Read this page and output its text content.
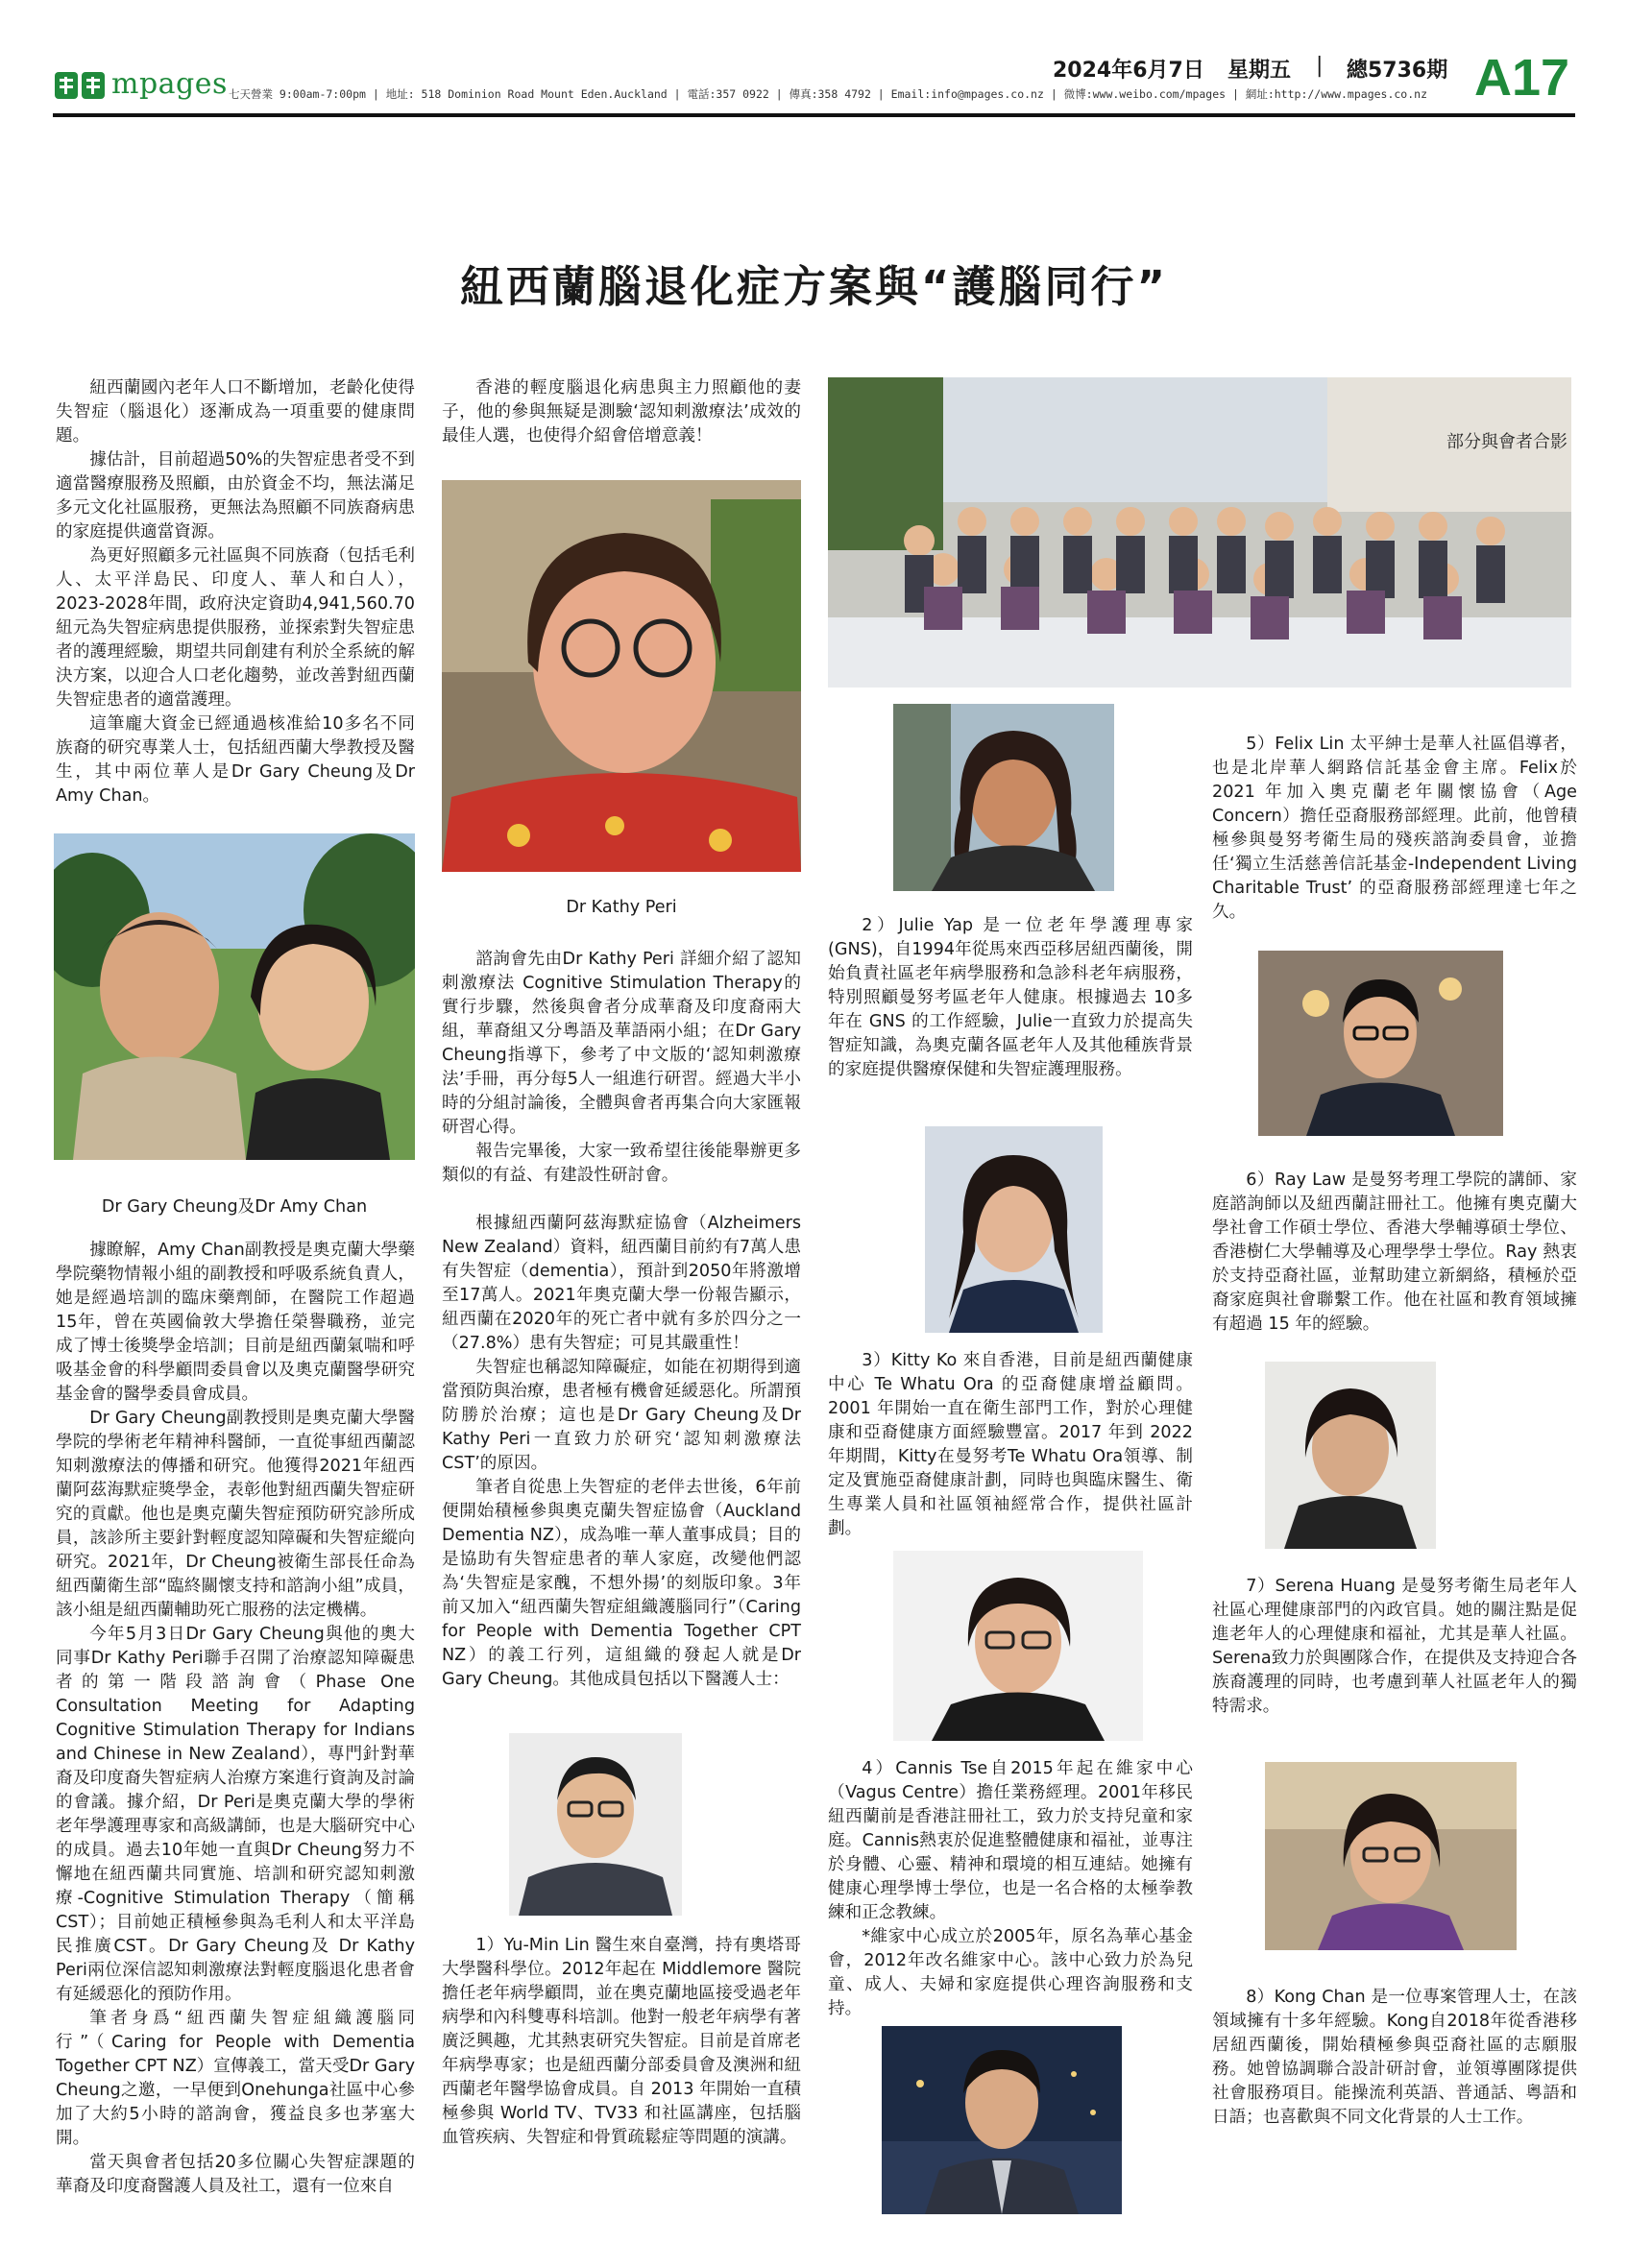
mpages 七天營業 9:00am-7:00pm | 地址: 518 Dominion Road Mount Eden.Auckland | 電話:357 0922 | 傳真:358 4792 | Email:info@mpages.co.nz | 微博:www.weibo.com/mpages | 網址:http://www.mpages.co.nz
2024年6月7日 星期五 | 總5736期 A17
紐西蘭腦退化症方案與“護腦同行”

紐西蘭國內老年人口不斷增加，老齡化使得失智症（腦退化）逐漸成為一項重要的健康問題。

據估計，目前超過50%的失智症患者受不到適當醫療服務及照顧，由於資金不均，無法滿足多元文化社區服務，更無法為照顧不同族裔病患的家庭提供適當資源。

為更好照顧多元社區與不同族裔（包括毛利人、太平洋島民、印度人、華人和白人），2023-2028年間，政府決定資助4,941,560.70紐元為失智症病患提供服務，並探索對失智症患者的護理經驗，期望共同創建有利於全系統的解決方案，以迎合人口老化趨勢，並改善對紐西蘭失智症患者的適當護理。

這筆龐大資金已經通過核准給10多名不同族裔的研究專業人士，包括紐西蘭大學教授及醫生，其中兩位華人是Dr Gary Cheung及Dr Amy Chan。

Dr Gary Cheung及Dr Amy Chan

據瞭解，Amy Chan副教授是奧克蘭大學藥學院藥物情報小組的副教授和呼吸系統負責人，她是經過培訓的臨床藥劑師，在醫院工作超過15年，曾在英國倫敦大學擔任榮譽職務，並完成了博士後獎學金培訓；目前是紐西蘭氣喘和呼吸基金會的科學顧問委員會以及奧克蘭醫學研究基金會的醫學委員會成員。

Dr Gary Cheung副教授則是奧克蘭大學醫學院的學術老年精神科醫師，一直從事紐西蘭認知刺激療法的傳播和研究。他獲得2021年紐西蘭阿茲海默症獎學金，表彰他對紐西蘭失智症研究的貢獻。他也是奧克蘭失智症預防研究診所成員，該診所主要針對輕度認知障礙和失智症縱向研究。2021年，Dr Cheung被衛生部長任命為紐西蘭衛生部“臨終關懷支持和諮詢小組”成員，該小組是紐西蘭輔助死亡服務的法定機構。

今年5月3日Dr Gary Cheung與他的奧大同事Dr Kathy Peri聯手召開了治療認知障礙患者的第一階段諮詢會（Phase One Consultation Meeting for Adapting Cognitive Stimulation Therapy for Indians and Chinese in New Zealand），專門針對華裔及印度裔失智症病人治療方案進行資詢及討論的會議。據介紹，Dr Peri是奧克蘭大學的學術老年學護理專家和高級講師，也是大腦研究中心的成員。過去10年她一直與Dr Cheung努力不懈地在紐西蘭共同實施、培訓和研究認知刺激療-Cognitive Stimulation Therapy（簡稱CST）；目前她正積極參與為毛利人和太平洋島民推廣CST。Dr Gary Cheung及 Dr Kathy Peri兩位深信認知刺激療法對輕度腦退化患者會有延緩惡化的預防作用。

筆者身爲“紐西蘭失智症組織護腦同行”（Caring for People with Dementia Together CPT NZ）宣傳義工，當天受Dr Gary Cheung之邀，一早便到Onehunga社區中心參加了大約5小時的諮詢會，獲益良多也茅塞大開。

當天與會者包括20多位關心失智症課題的華裔及印度裔醫護人員及社工，還有一位來自

香港的輕度腦退化病患與主力照顧他的妻子，他的參與無疑是測驗‘認知刺激療法’成效的最佳人選，也使得介紹會倍增意義！

Dr Kathy Peri

諮詢會先由Dr Kathy Peri 詳細介紹了認知刺激療法 Cognitive Stimulation Therapy的實行步驟，然後與會者分成華裔及印度裔兩大組，華裔組又分粵語及華語兩小組；在Dr Gary Cheung指導下，參考了中文版的‘認知刺激療法’手冊，再分每5人一組進行研習。經過大半小時的分組討論後，全體與會者再集合向大家匯報研習心得。

報告完畢後，大家一致希望往後能舉辦更多類似的有益、有建設性研討會。

根據紐西蘭阿茲海默症協會（Alzheimers New Zealand）資料，紐西蘭目前約有7萬人患有失智症（dementia），預計到2050年將激增至17萬人。2021年奧克蘭大學一份報告顯示，紐西蘭在2020年的死亡者中就有多於四分之一（27.8%）患有失智症；可見其嚴重性！

失智症也稱認知障礙症，如能在初期得到適當預防與治療，患者極有機會延緩惡化。所謂預防勝於治療；這也是Dr Gary Cheung及Dr Kathy Peri一直致力於研究‘認知刺激療法CST’的原因。

筆者自從患上失智症的老伴去世後，6年前便開始積極參與奧克蘭失智症協會（Auckland Dementia NZ），成為唯一華人董事成員；目的是協助有失智症患者的華人家庭，改變他們認為‘失智症是家醜，不想外揚’的刻版印象。3年前又加入“紐西蘭失智症組織護腦同行”（Caring for People with Dementia Together CPT NZ）的義工行列，這組織的發起人就是Dr Gary Cheung。其他成員包括以下醫護人士：

1）Yu-Min Lin 醫生來自臺灣，持有奧塔哥大學醫科學位。2012年起在 Middlemore 醫院擔任老年病學顧問，並在奧克蘭地區接受過老年病學和內科雙專科培訓。他對一般老年病學有著廣泛興趣，尤其熱衷研究失智症。目前是首席老年病學專家；也是紐西蘭分部委員會及澳洲和紐西蘭老年醫學協會成員。自 2013 年開始一直積極參與 World TV、TV33 和社區講座，包括腦血管疾病、失智症和骨質疏鬆症等問題的演講。

部分與會者合影

2）Julie Yap 是一位老年學護理專家(GNS)，自1994年從馬來西亞移居紐西蘭後，開始負責社區老年病學服務和急診科老年病服務，特別照顧曼努考區老年人健康。根據過去 10多 年在 GNS 的工作經驗，Julie一直致力於提高失智症知識，為奧克蘭各區老年人及其他種族背景的家庭提供醫療保健和失智症護理服務。

3）Kitty Ko 來自香港，目前是紐西蘭健康中心 Te Whatu Ora 的亞裔健康增益顧問。2001 年開始一直在衛生部門工作，對於心理健康和亞裔健康方面經驗豐富。2017 年到 2022 年期間，Kitty在曼努考Te Whatu Ora領導、制定及實施亞裔健康計劃，同時也與臨床醫生、衛生專業人員和社區領袖經常合作，提供社區計劃。

4）Cannis Tse自2015年起在維家中心（Vagus Centre）擔任業務經理。2001年移民紐西蘭前是香港註冊社工，致力於支持兒童和家庭。Cannis熱衷於促進整體健康和福祉，並專注於身體、心靈、精神和環境的相互連結。她擁有健康心理學博士學位，也是一名合格的太極拳教練和正念教練。

*維家中心成立於2005年，原名為華心基金會，2012年改名維家中心。該中心致力於為兒童、成人、夫婦和家庭提供心理咨詢服務和支持。

5）Felix Lin 太平紳士是華人社區倡導者，也是北岸華人網路信託基金會主席。Felix於 2021 年加入奧克蘭老年關懷協會（Age Concern）擔任亞裔服務部經理。此前，他曾積極參與曼努考衛生局的殘疾諮詢委員會，並擔任‘獨立生活慈善信託基金-Independent Living Charitable Trust’ 的亞裔服務部經理達七年之久。

6）Ray Law 是曼努考理工學院的講師、家庭諮詢師以及紐西蘭註冊社工。他擁有奧克蘭大學社會工作碩士學位、香港大學輔導碩士學位、香港樹仁大學輔導及心理學學士學位。Ray 熱衷於支持亞裔社區，並幫助建立新網絡，積極於亞裔家庭與社會聯繫工作。他在社區和教育領域擁有超過 15 年的經驗。

7）Serena Huang 是曼努考衛生局老年人社區心理健康部門的內政官員。她的關注點是促進老年人的心理健康和福祉，尤其是華人社區。Serena致力於與團隊合作，在提供及支持迎合各族裔護理的同時，也考慮到華人社區老年人的獨特需求。

8）Kong Chan 是一位專案管理人士，在該領域擁有十多年經驗。Kong自2018年從香港移居紐西蘭後，開始積極參與亞裔社區的志願服務。她曾協調聯合設計研討會，並領導團隊提供社會服務項目。能操流利英語、普通話、粵語和日語；也喜歡與不同文化背景的人士工作。
